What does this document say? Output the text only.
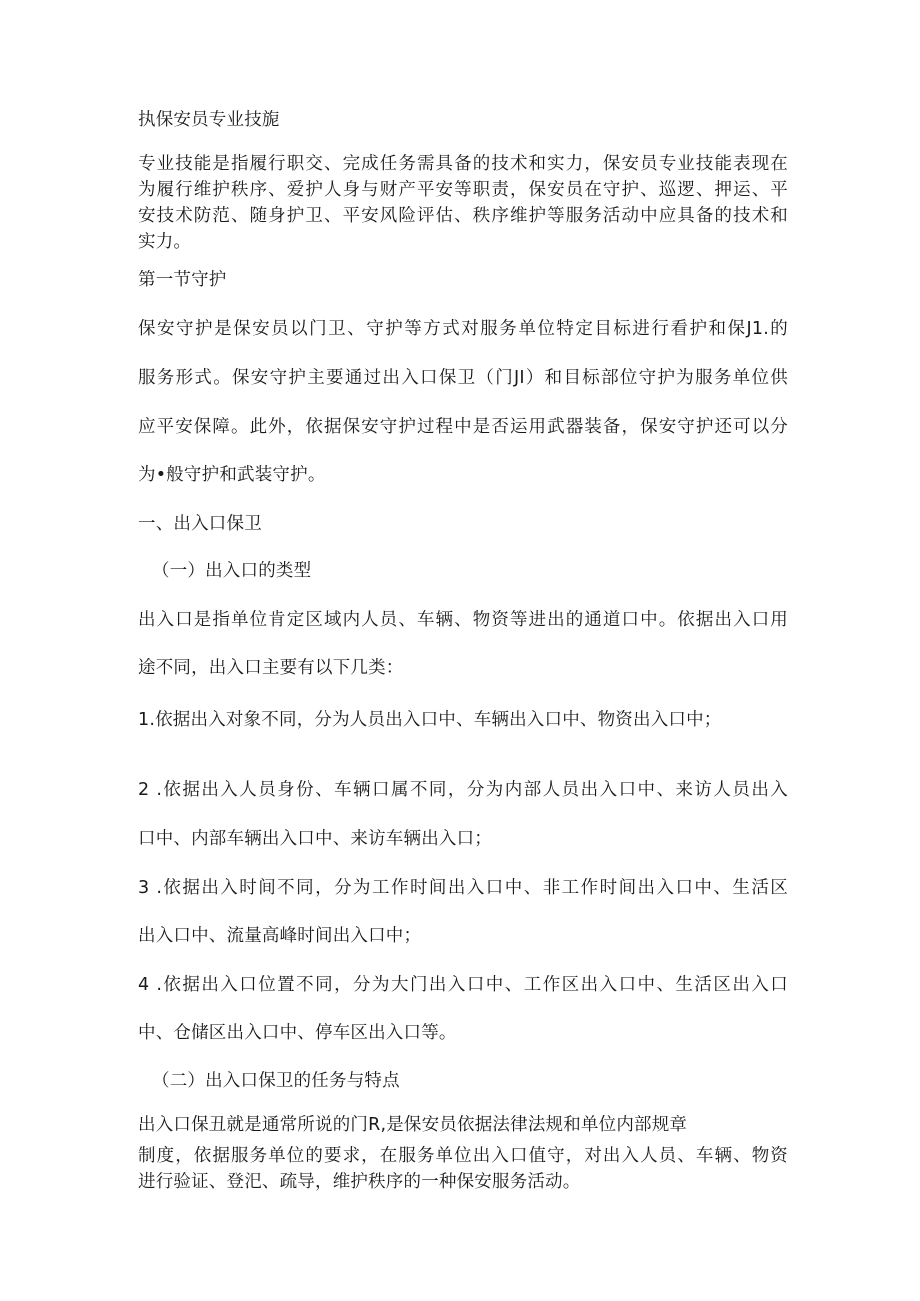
执保安员专业技旎

专业技能是指履行职交、完成任务需具备的技术和实力，保安员专业技能表现在

为履行维护秩序、爱护人身与财产平安等职责，保安员在守护、巡逻、押运、平

安技术防范、随身护卫、平安风险评估、秩序维护等服务活动中应具备的技术和

实力。

第一节守护

保安守护是保安员以门卫、守护等方式对服务单位特定目标进行看护和保J1.的

服务形式。保安守护主要通过出入口保卫（门JI）和目标部位守护为服务单位供

应平安保障。此外，依据保安守护过程中是否运用武器装备，保安守护还可以分

为•般守护和武装守护。

一、出入口保卫

（一）出入口的类型

出入口是指单位肯定区域内人员、车辆、物资等进出的通道口中。依据出入口用

途不同，出入口主要有以下几类：

1.依据出入对象不同，分为人员出入口中、车辆出入口中、物资出入口中；

2 .依据出入人员身份、车辆口属不同，分为内部人员出入口中、来访人员出入

口中、内部车辆出入口中、来访车辆出入口；

3 .依据出入时间不同，分为工作时间出入口中、非工作时间出入口中、生活区

出入口中、流量高峰时间出入口中；

4 .依据出入口位置不同，分为大门出入口中、工作区出入口中、生活区出入口

中、仓储区出入口中、停车区出入口等。

（二）出入口保卫的任务与特点

出入口保丑就是通常所说的门R,是保安员依据法律法规和单位内部规章

制度，依据服务单位的要求，在服务单位出入口值守，对出入人员、车辆、物资

进行验证、登汜、疏导，维护秩序的一种保安服务活动。
